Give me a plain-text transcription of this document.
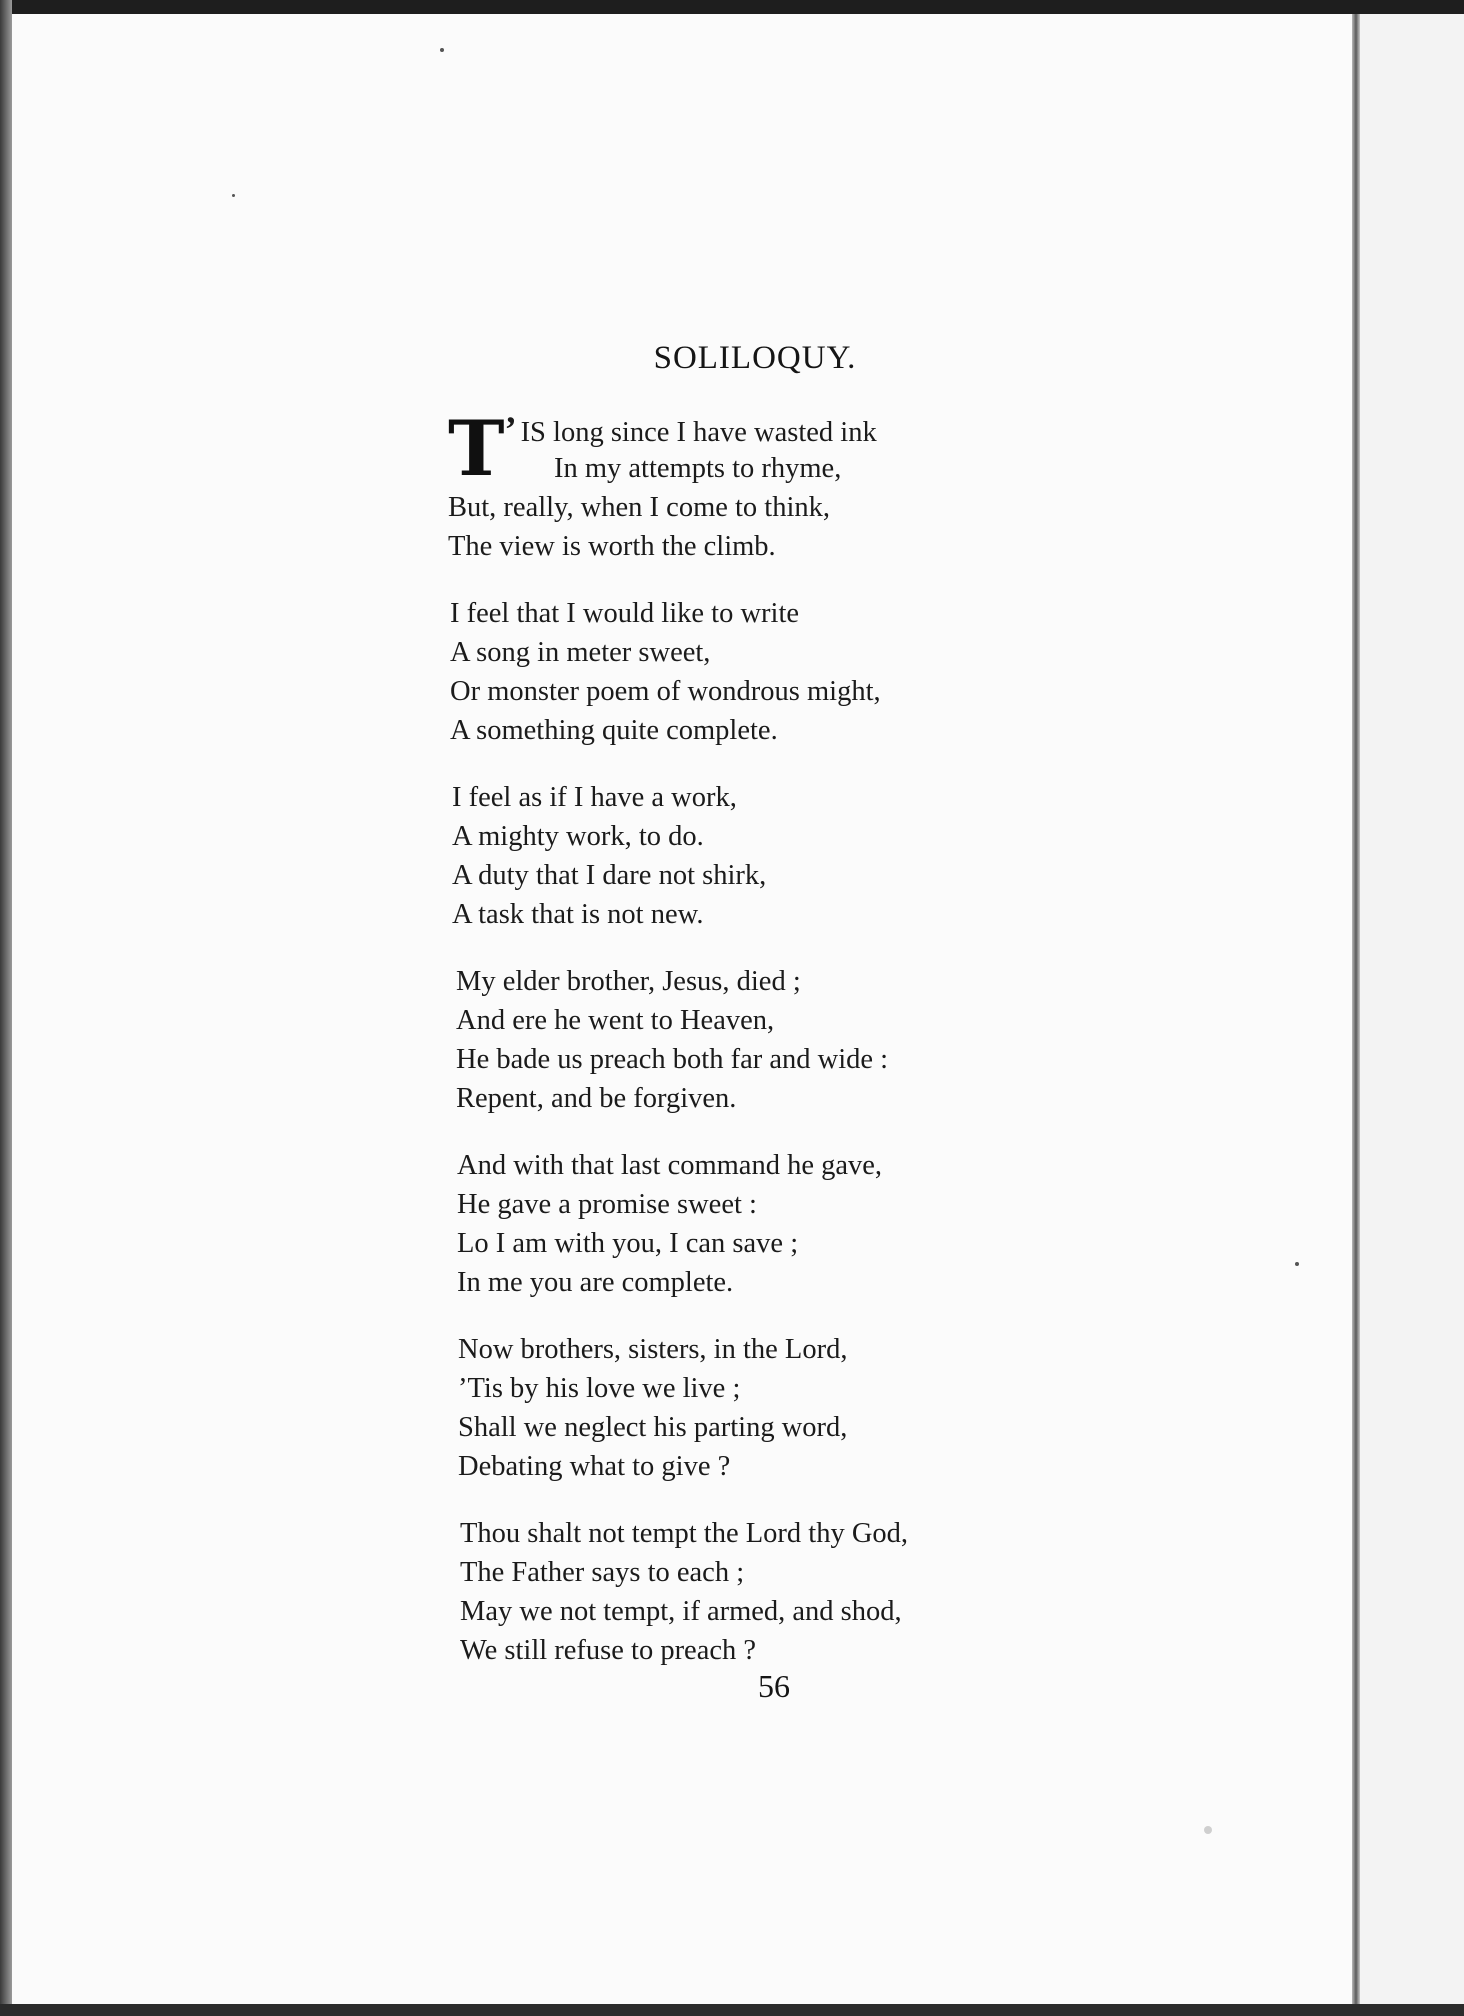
SOLILOQUY.
’
T IS long since I have wasted ink
In my attempts to rhyme,
But, really, when I come to think,
The view is worth the climb.
I feel that I would like to write
A song in meter sweet,
Or monster poem of wondrous might,
A something quite complete.
I feel as if I have a work,
A mighty work, to do.
A duty that I dare not shirk,
A task that is not new.
My elder brother, Jesus, died ;
And ere he went to Heaven,
He bade us preach both far and wide :
Repent, and be forgiven.
And with that last command he gave,
He gave a promise sweet :
Lo I am with you, I can save ;
In me you are complete.
Now brothers, sisters, in the Lord,
’Tis by his love we live ;
Shall we neglect his parting word,
Debating what to give ?
Thou shalt not tempt the Lord thy God,
The Father says to each ;
May we not tempt, if armed, and shod,
We still refuse to preach ?
56
